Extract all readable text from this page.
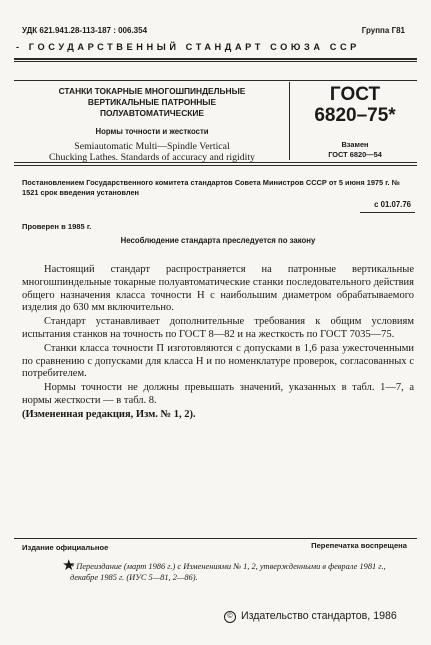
УДК 621.941.28-113-187 : 006.354	Группа Г81
- ГОСУДАРСТВЕННЫЙ СТАНДАРТ СОЮЗА ССР
СТАНКИ ТОКАРНЫЕ МНОГОШПИНДЕЛЬНЫЕ
ВЕРТИКАЛЬНЫЕ ПАТРОННЫЕ
ПОЛУАВТОМАТИЧЕСКИЕ
Нормы точности и жесткости
Semiautomatic Multi—Spindle Vertical
Chucking Lathes. Standards of accuracy and rigidity
ГОСТ
6820–75*
Взамен
ГОСТ 6820—54
Постановлением Государственного комитета стандартов Совета Министров СССР от 5 июня 1975 г. № 1521 срок введения установлен
с 01.07.76
Проверен в 1985 г.
Несоблюдение стандарта преследуется по закону

Настоящий стандарт распространяется на патронные вертикальные многошпиндельные токарные полуавтоматические станки последовательного действия общего назначения класса точности Н с наибольшим диаметром обрабатываемого изделия до 630 мм включительно.

Стандарт устанавливает дополнительные требования к общим условиям испытания станков на точность по ГОСТ 8—82 и на жесткость по ГОСТ 7035—75.

Станки класса точности П изготовляются с допусками в 1,6 раза ужесточенными по сравнению с допусками для класса Н и по номенклатуре проверок, согласованных с потребителем.

Нормы точности не должны превышать значений, указанных в табл. 1—7, а нормы жесткости — в табл. 8.

(Измененная редакция, Изм. № 1, 2).

Издание официальное	Перепечатка воспрещена
★
* Переиздание (март 1986 г.) с Изменениями № 1, 2, утвержденными в феврале 1981 г., декабре 1985 г. (ИУС 5—81, 2—86).
© Издательство стандартов, 1986
